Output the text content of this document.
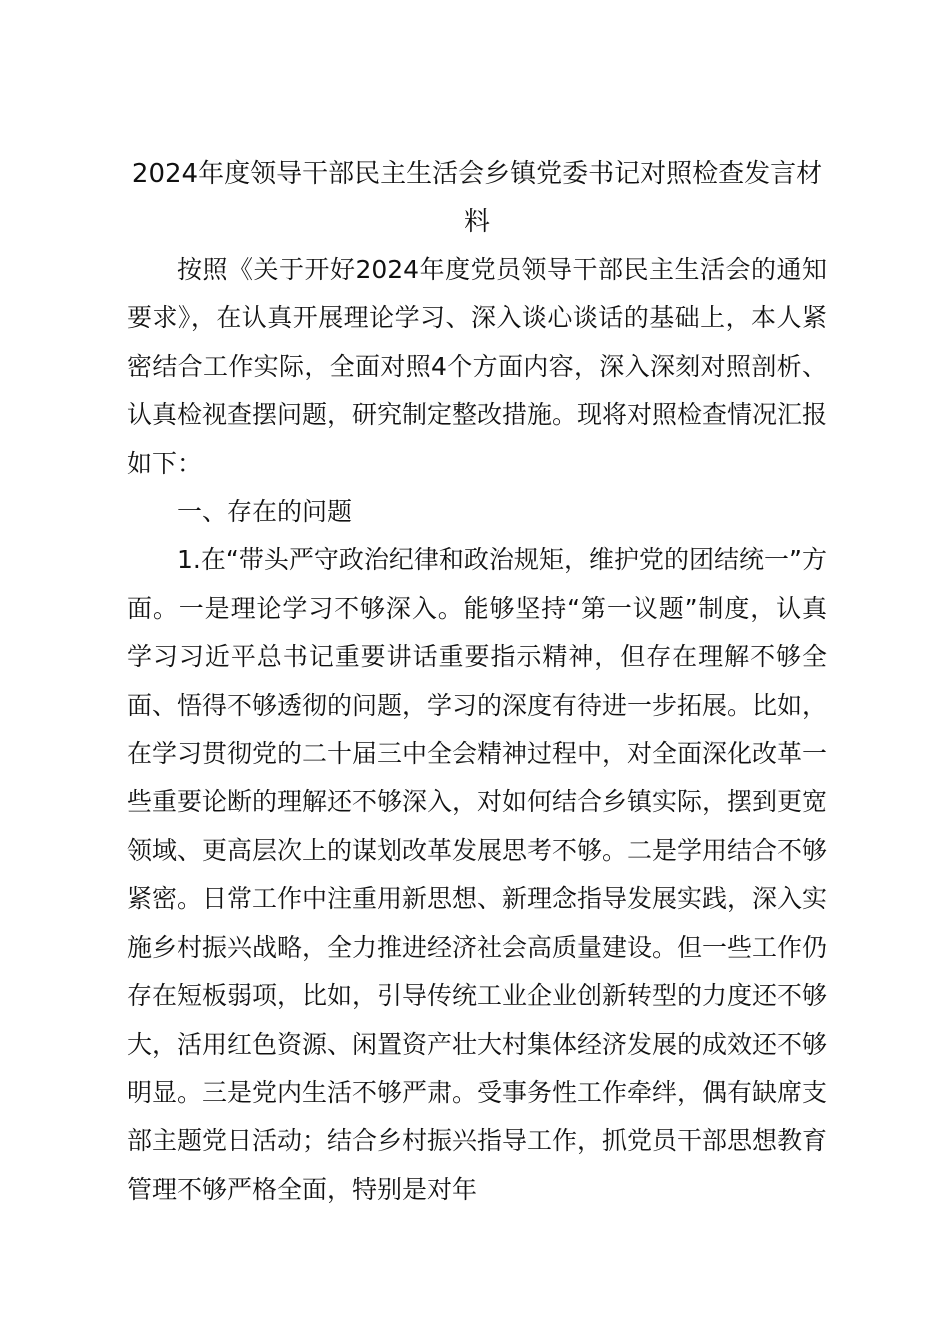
2024年度领导干部民主生活会乡镇党委书记对照检查发言材料

按照《关于开好2024年度党员领导干部民主生活会的通知要求》，在认真开展理论学习、深入谈心谈话的基础上，本人紧密结合工作实际，全面对照4个方面内容，深入深刻对照剖析、认真检视查摆问题，研究制定整改措施。现将对照检查情况汇报如下：

一、存在的问题

1.在“带头严守政治纪律和政治规矩，维护党的团结统一”方面。一是理论学习不够深入。能够坚持“第一议题”制度，认真学习习近平总书记重要讲话重要指示精神，但存在理解不够全面、悟得不够透彻的问题，学习的深度有待进一步拓展。比如，在学习贯彻党的二十届三中全会精神过程中，对全面深化改革一些重要论断的理解还不够深入，对如何结合乡镇实际，摆到更宽领域、更高层次上的谋划改革发展思考不够。二是学用结合不够紧密。日常工作中注重用新思想、新理念指导发展实践，深入实施乡村振兴战略，全力推进经济社会高质量建设。但一些工作仍存在短板弱项，比如，引导传统工业企业创新转型的力度还不够大，活用红色资源、闲置资产壮大村集体经济发展的成效还不够明显。三是党内生活不够严肃。受事务性工作牵绊，偶有缺席支部主题党日活动；结合乡村振兴指导工作，抓党员干部思想教育管理不够严格全面，特别是对年
